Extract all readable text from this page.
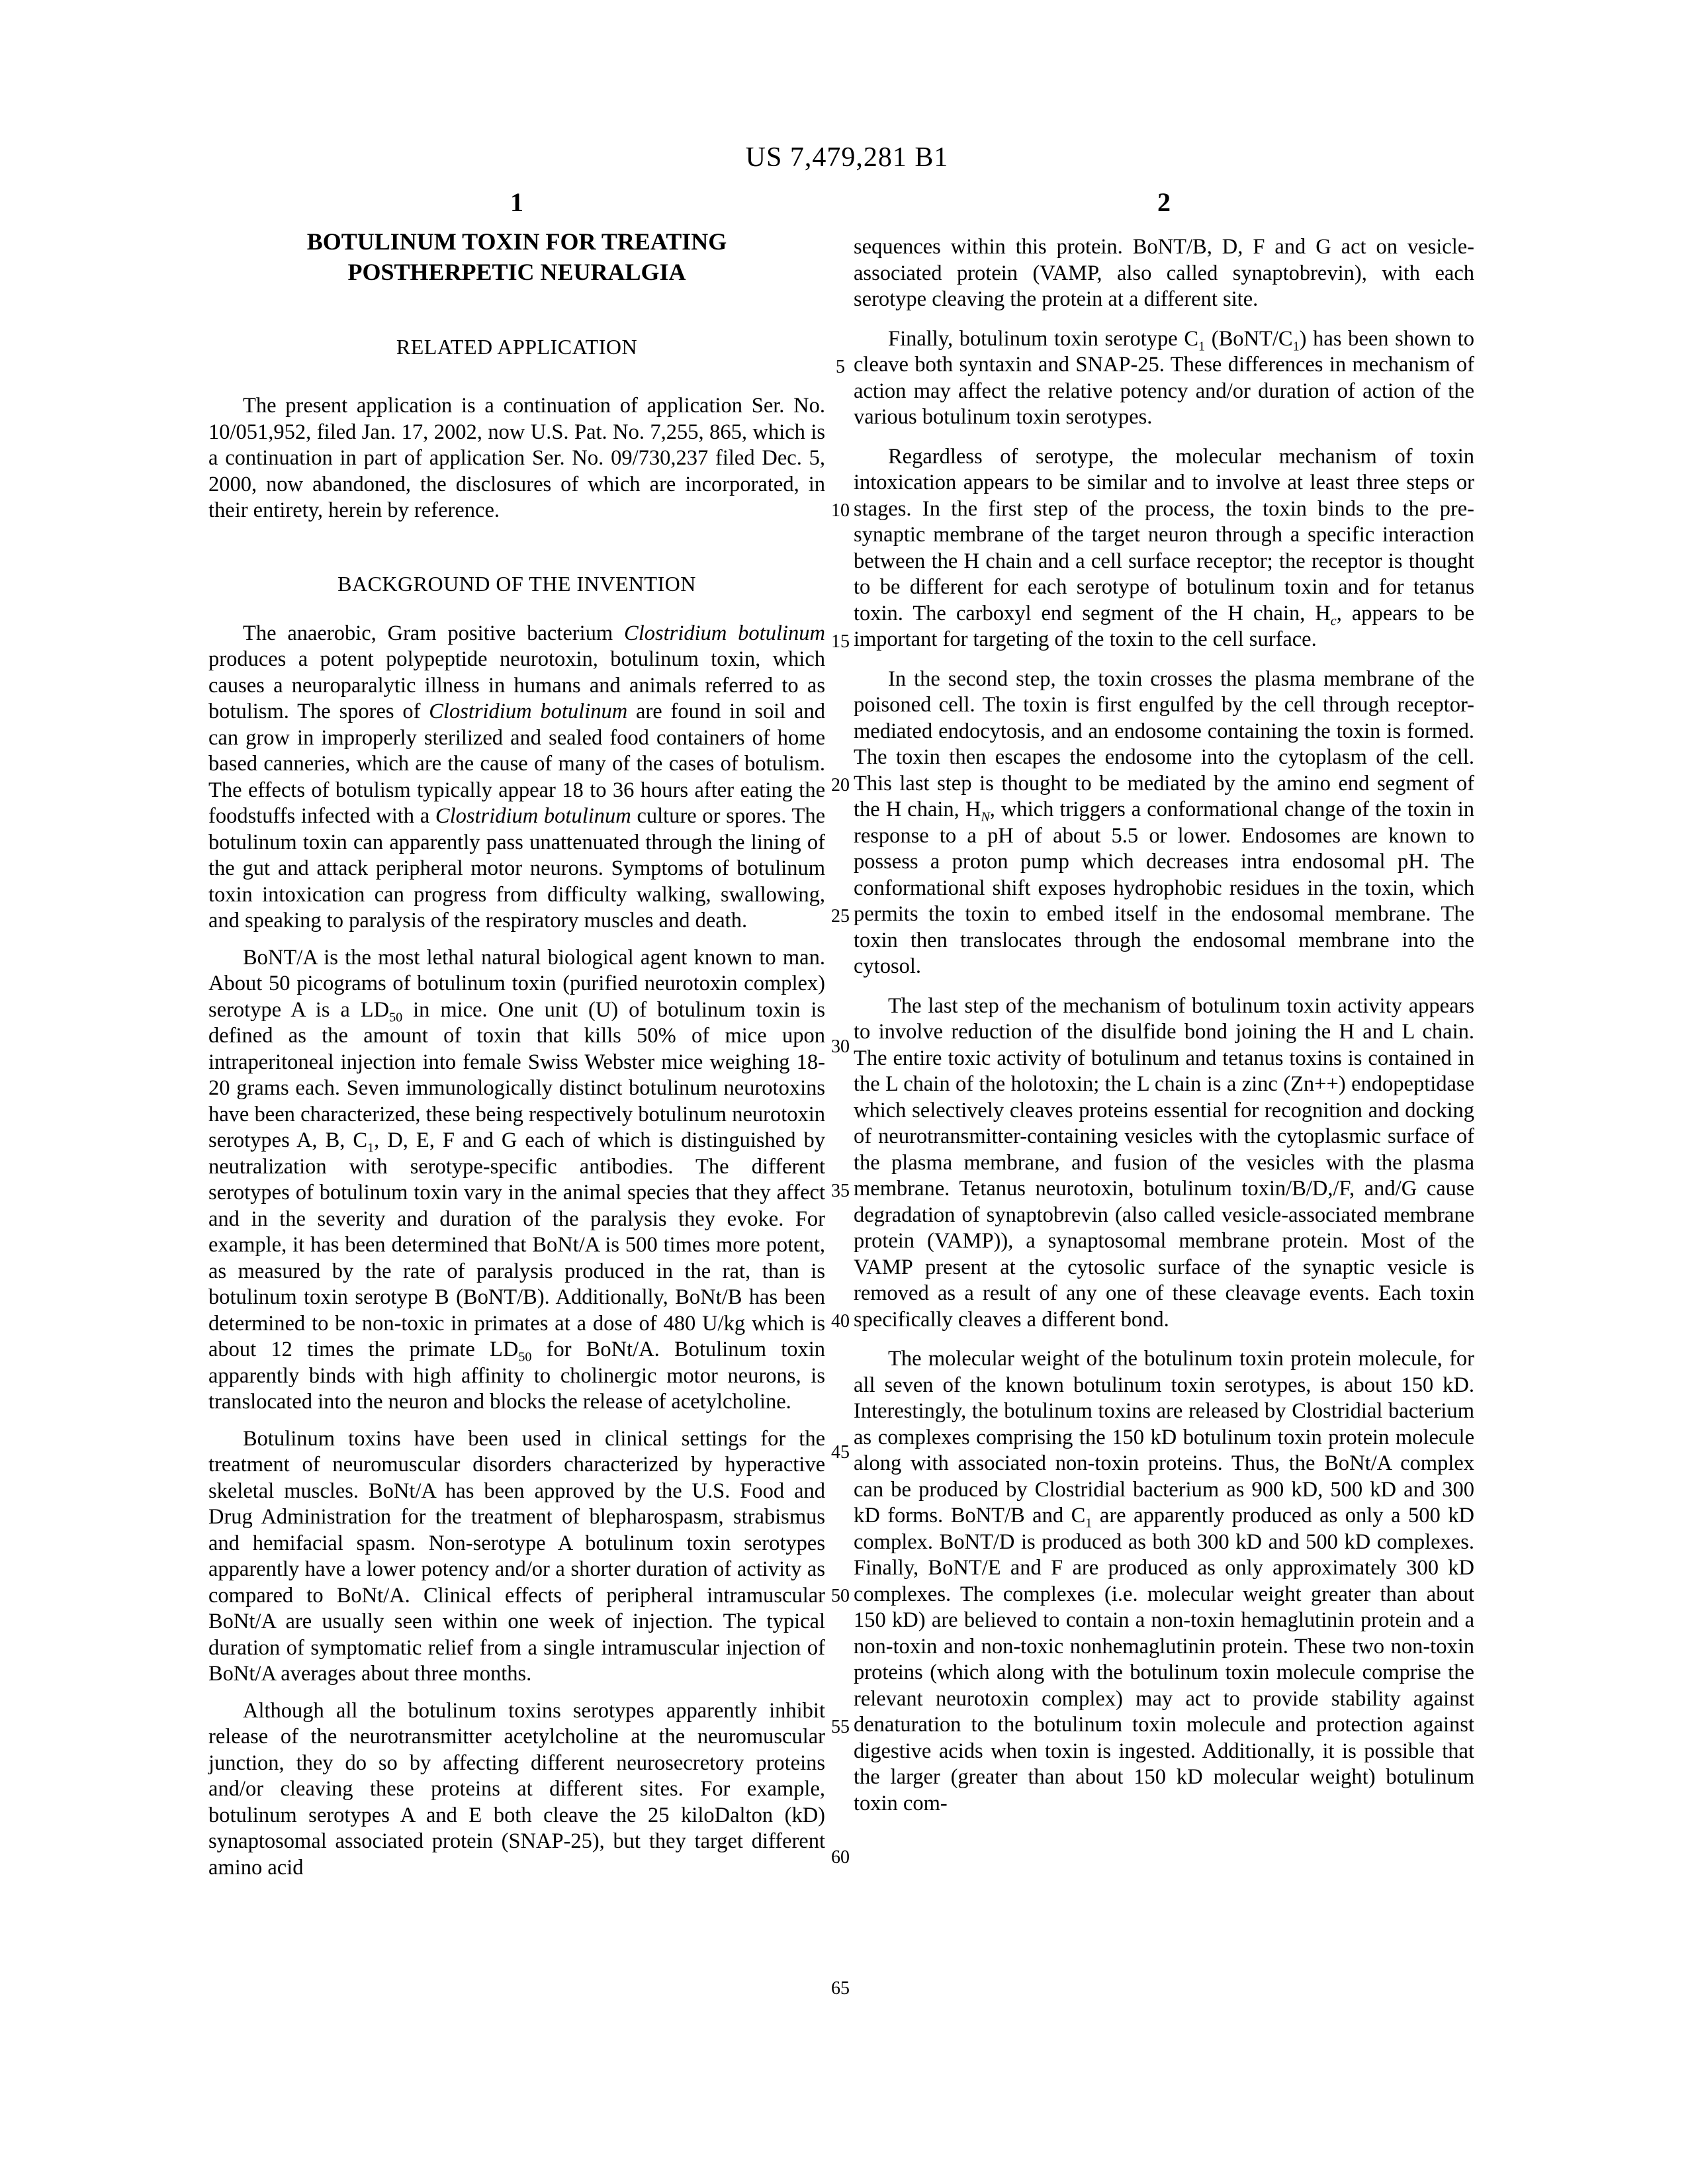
US 7,479,281 B1
1
BOTULINUM TOXIN FOR TREATING
POSTHERPETIC NEURALGIA
RELATED APPLICATION

The present application is a continuation of application Ser. No. 10/051,952, filed Jan. 17, 2002, now U.S. Pat. No. 7,255, 865, which is a continuation in part of application Ser. No. 09/730,237 filed Dec. 5, 2000, now abandoned, the disclosures of which are incorporated, in their entirety, herein by reference.

BACKGROUND OF THE INVENTION

The anaerobic, Gram positive bacterium Clostridium botulinum produces a potent polypeptide neurotoxin, botulinum toxin, which causes a neuroparalytic illness in humans and animals referred to as botulism. The spores of Clostridium botulinum are found in soil and can grow in improperly sterilized and sealed food containers of home based canneries, which are the cause of many of the cases of botulism. The effects of botulism typically appear 18 to 36 hours after eating the foodstuffs infected with a Clostridium botulinum culture or spores. The botulinum toxin can apparently pass unattenuated through the lining of the gut and attack peripheral motor neurons. Symptoms of botulinum toxin intoxication can progress from difficulty walking, swallowing, and speaking to paralysis of the respiratory muscles and death.

BoNT/A is the most lethal natural biological agent known to man. About 50 picograms of botulinum toxin (purified neurotoxin complex) serotype A is a $LD_{50}$ in mice. One unit (U) of botulinum toxin is defined as the amount of toxin that kills 50% of mice upon intraperitoneal injection into female Swiss Webster mice weighing 18-20 grams each. Seven immunologically distinct botulinum neurotoxins have been characterized, these being respectively botulinum neurotoxin serotypes A, B, $C_1$, D, E, F and G each of which is distinguished by neutralization with serotype-specific antibodies. The different serotypes of botulinum toxin vary in the animal species that they affect and in the severity and duration of the paralysis they evoke. For example, it has been determined that BoNt/A is 500 times more potent, as measured by the rate of paralysis produced in the rat, than is botulinum toxin serotype B (BoNT/B). Additionally, BoNt/B has been determined to be non-toxic in primates at a dose of 480 U/kg which is about 12 times the primate $LD_{50}$ for BoNt/A. Botulinum toxin apparently binds with high affinity to cholinergic motor neurons, is translocated into the neuron and blocks the release of acetylcholine.

Botulinum toxins have been used in clinical settings for the treatment of neuromuscular disorders characterized by hyperactive skeletal muscles. BoNt/A has been approved by the U.S. Food and Drug Administration for the treatment of blepharospasm, strabismus and hemifacial spasm. Non-serotype A botulinum toxin serotypes apparently have a lower potency and/or a shorter duration of activity as compared to BoNt/A. Clinical effects of peripheral intramuscular BoNt/A are usually seen within one week of injection. The typical duration of symptomatic relief from a single intramuscular injection of BoNt/A averages about three months.

Although all the botulinum toxins serotypes apparently inhibit release of the neurotransmitter acetylcholine at the neuromuscular junction, they do so by affecting different neurosecretory proteins and/or cleaving these proteins at different sites. For example, botulinum serotypes A and E both cleave the 25 kiloDalton (kD) synaptosomal associated protein (SNAP-25), but they target different amino acid

2

sequences within this protein. BoNT/B, D, F and G act on vesicle-associated protein (VAMP, also called synaptobrevin), with each serotype cleaving the protein at a different site.

Finally, botulinum toxin serotype $C_1$ $(BoNT/C_1)$ has been shown to cleave both syntaxin and SNAP-25. These differences in mechanism of action may affect the relative potency and/or duration of action of the various botulinum toxin serotypes.

Regardless of serotype, the molecular mechanism of toxin intoxication appears to be similar and to involve at least three steps or stages. In the first step of the process, the toxin binds to the pre-synaptic membrane of the target neuron through a specific interaction between the H chain and a cell surface receptor; the receptor is thought to be different for each serotype of botulinum toxin and for tetanus toxin. The carboxyl end segment of the H chain, $H_c$, appears to be important for targeting of the toxin to the cell surface.

In the second step, the toxin crosses the plasma membrane of the poisoned cell. The toxin is first engulfed by the cell through receptor-mediated endocytosis, and an endosome containing the toxin is formed. The toxin then escapes the endosome into the cytoplasm of the cell. This last step is thought to be mediated by the amino end segment of the H chain, $H_N$, which triggers a conformational change of the toxin in response to a pH of about 5.5 or lower. Endosomes are known to possess a proton pump which decreases intra endosomal pH. The conformational shift exposes hydrophobic residues in the toxin, which permits the toxin to embed itself in the endosomal membrane. The toxin then translocates through the endosomal membrane into the cytosol.

The last step of the mechanism of botulinum toxin activity appears to involve reduction of the disulfide bond joining the H and L chain. The entire toxic activity of botulinum and tetanus toxins is contained in the L chain of the holotoxin; the L chain is a zinc (Zn++) endopeptidase which selectively cleaves proteins essential for recognition and docking of neurotransmitter-containing vesicles with the cytoplasmic surface of the plasma membrane, and fusion of the vesicles with the plasma membrane. Tetanus neurotoxin, botulinum toxin/B/D,/F, and/G cause degradation of synaptobrevin (also called vesicle-associated membrane protein (VAMP)), a synaptosomal membrane protein. Most of the VAMP present at the cytosolic surface of the synaptic vesicle is removed as a result of any one of these cleavage events. Each toxin specifically cleaves a different bond.

The molecular weight of the botulinum toxin protein molecule, for all seven of the known botulinum toxin serotypes, is about 150 kD. Interestingly, the botulinum toxins are released by Clostridial bacterium as complexes comprising the 150 kD botulinum toxin protein molecule along with associated non-toxin proteins. Thus, the BoNt/A complex can be produced by Clostridial bacterium as 900 kD, 500 kD and 300 kD forms. BoNT/B and $C_1$ are apparently produced as only a 500 kD complex. BoNT/D is produced as both 300 kD and 500 kD complexes. Finally, BoNT/E and F are produced as only approximately 300 kD complexes. The complexes (i.e. molecular weight greater than about 150 kD) are believed to contain a non-toxin hemaglutinin protein and a non-toxin and non-toxic nonhemaglutinin protein. These two non-toxin proteins (which along with the botulinum toxin molecule comprise the relevant neurotoxin complex) may act to provide stability against denaturation to the botulinum toxin molecule and protection against digestive acids when toxin is ingested. Additionally, it is possible that the larger (greater than about 150 kD molecular weight) botulinum toxin com-

5
10
15
20
25
30
35
40
45
50
55
60
65
